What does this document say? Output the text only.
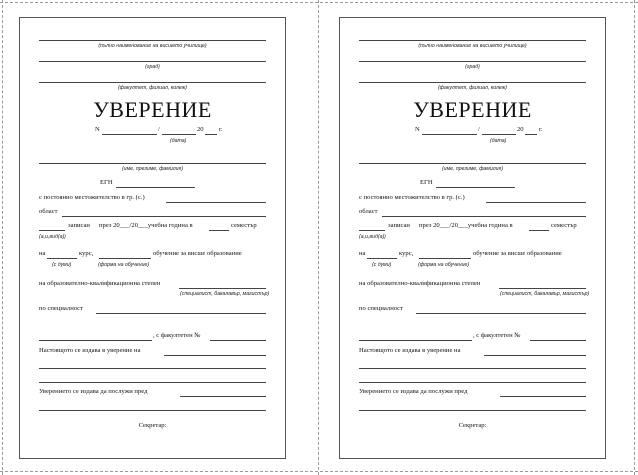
(пълно наименование на висшето училище)
(град)
(факултет, филиал, колеж)
УВЕРЕНИЕ
N	/	20 г.
(дата)
(име, презиме, фамилия)
ЕГН
с постоянно местожителство в гр. (с.)
област
записан през 20___/20___учебна година в	семестър
(а,и,вид(а))
на	курс,	обучение за висше образование
(с думи)	(форма на обучение)
на образователно-квалификационна степен
(специалист, бакалавър, магистър)
по специалност
, с факултетен №
Настоящото се издава в уверение на
Уверението се издава да послужи пред
Секретар:
(пълно наименование на висшето училище)
(град)
(факултет, филиал, колеж)
УВЕРЕНИЕ
N	/	20 г.
(дата)
(име, презиме, фамилия)
ЕГН
с постоянно местожителство в гр. (с.)
област
записан през 20___/20___учебна година в	семестър
(а,и,вид(а))
на	курс,	обучение за висше образование
(с думи)	(форма на обучение)
на образователно-квалификационна степен
(специалист, бакалавър, магистър)
по специалност
, с факултетен №
Настоящото се издава в уверение на
Уверението се издава да послужи пред
Секретар:
